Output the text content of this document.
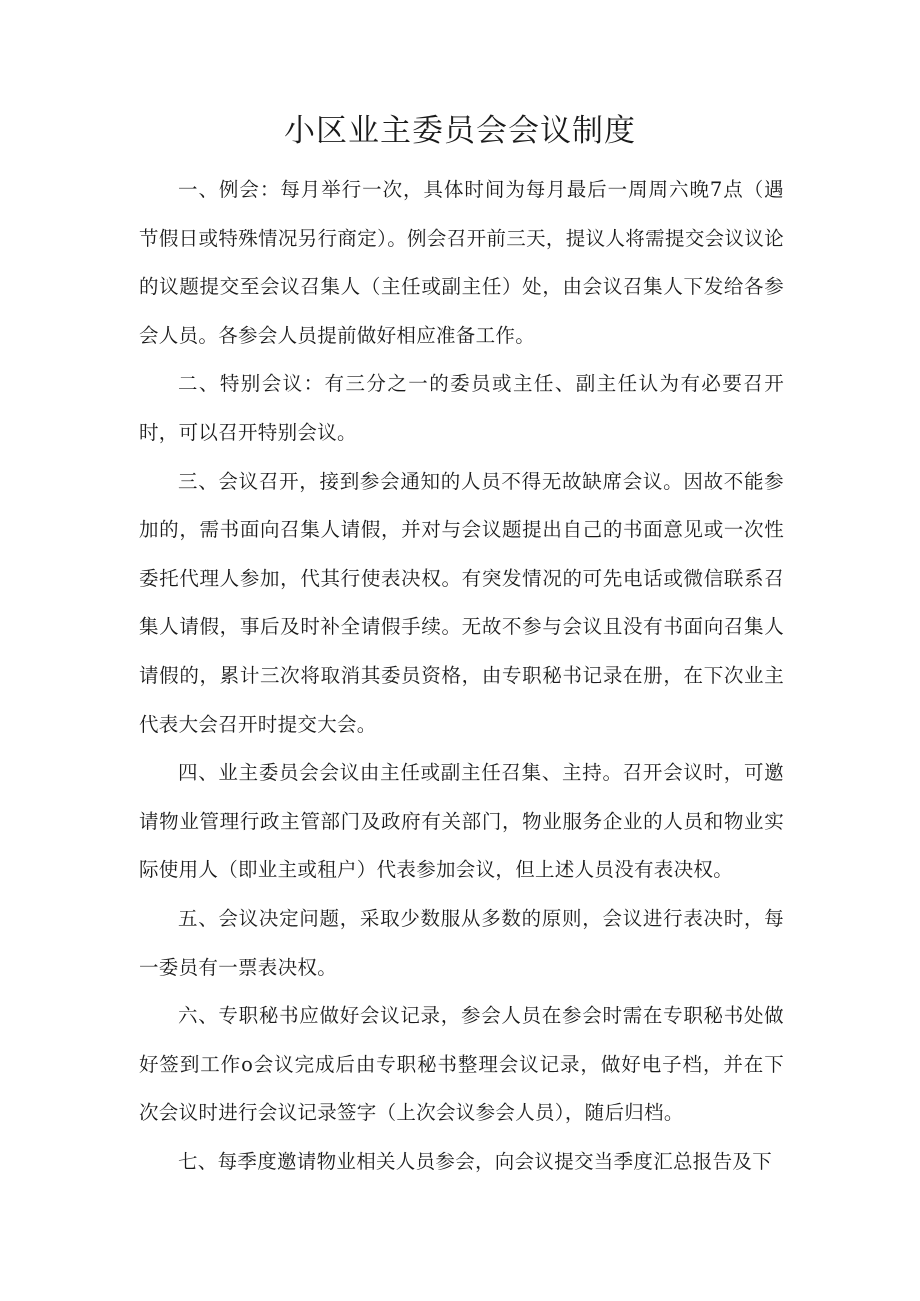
小区业主委员会会议制度

一、例会：每月举行一次，具体时间为每月最后一周周六晚7点（遇节假日或特殊情况另行商定）。例会召开前三天，提议人将需提交会议议论的议题提交至会议召集人（主任或副主任）处，由会议召集人下发给各参会人员。各参会人员提前做好相应准备工作。

二、特别会议：有三分之一的委员或主任、副主任认为有必要召开时，可以召开特别会议。

三、会议召开，接到参会通知的人员不得无故缺席会议。因故不能参加的，需书面向召集人请假，并对与会议题提出自己的书面意见或一次性委托代理人参加，代其行使表决权。有突发情况的可先电话或微信联系召集人请假，事后及时补全请假手续。无故不参与会议且没有书面向召集人请假的，累计三次将取消其委员资格，由专职秘书记录在册，在下次业主代表大会召开时提交大会。

四、业主委员会会议由主任或副主任召集、主持。召开会议时，可邀请物业管理行政主管部门及政府有关部门，物业服务企业的人员和物业实际使用人（即业主或租户）代表参加会议，但上述人员没有表决权。

五、会议决定问题，采取少数服从多数的原则，会议进行表决时，每一委员有一票表决权。

六、专职秘书应做好会议记录，参会人员在参会时需在专职秘书处做好签到工作o会议完成后由专职秘书整理会议记录，做好电子档，并在下次会议时进行会议记录签字（上次会议参会人员），随后归档。

七、每季度邀请物业相关人员参会，向会议提交当季度汇总报告及下
